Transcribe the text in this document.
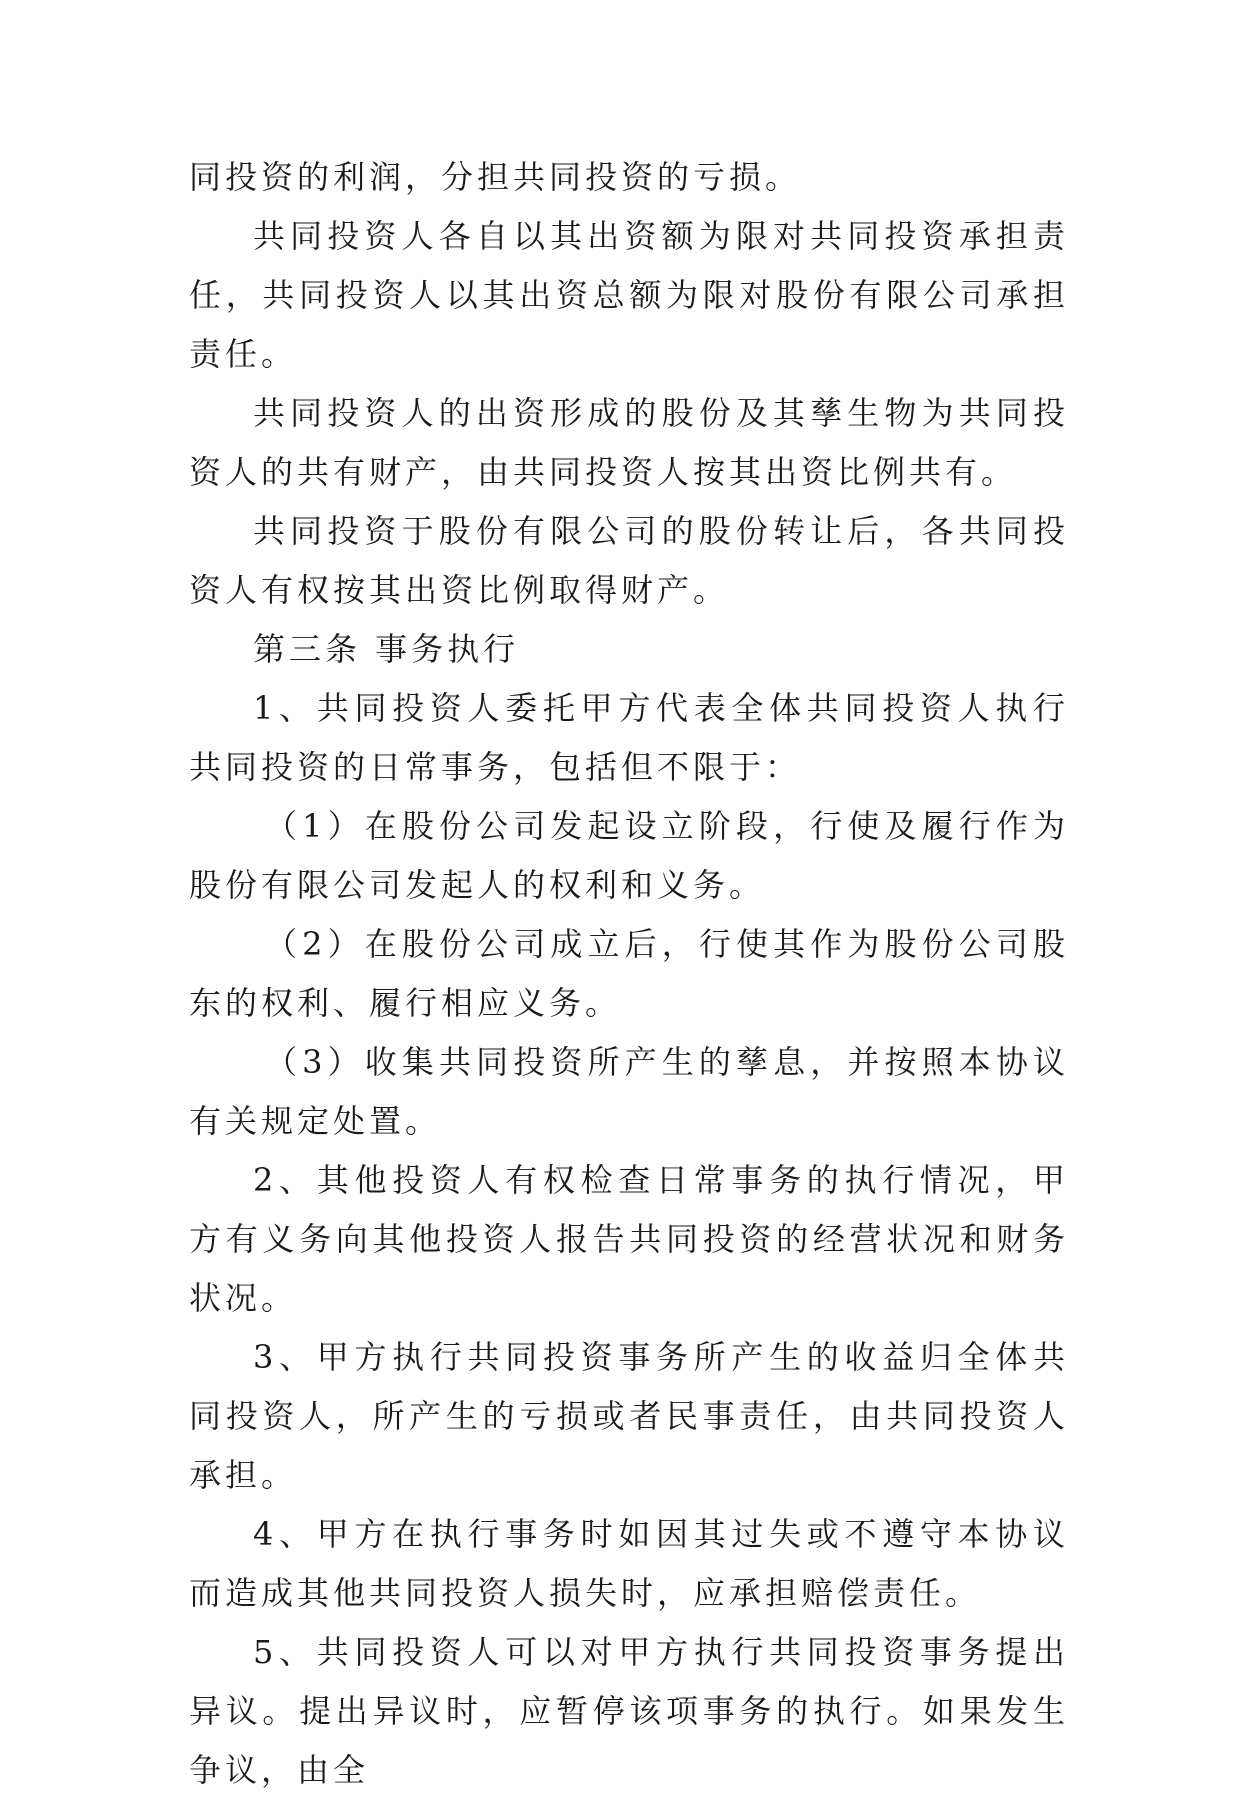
同投资的利润，分担共同投资的亏损。

共同投资人各自以其出资额为限对共同投资承担责任，共同投资人以其出资总额为限对股份有限公司承担责任。

共同投资人的出资形成的股份及其孳生物为共同投资人的共有财产，由共同投资人按其出资比例共有。

共同投资于股份有限公司的股份转让后，各共同投资人有权按其出资比例取得财产。

第三条 事务执行

1、共同投资人委托甲方代表全体共同投资人执行共同投资的日常事务，包括但不限于：

（1）在股份公司发起设立阶段，行使及履行作为股份有限公司发起人的权利和义务。

（2）在股份公司成立后，行使其作为股份公司股东的权利、履行相应义务。

（3）收集共同投资所产生的孳息，并按照本协议有关规定处置。

2、其他投资人有权检查日常事务的执行情况，甲方有义务向其他投资人报告共同投资的经营状况和财务状况。

3、甲方执行共同投资事务所产生的收益归全体共同投资人，所产生的亏损或者民事责任，由共同投资人承担。

4、甲方在执行事务时如因其过失或不遵守本协议而造成其他共同投资人损失时，应承担赔偿责任。

5、共同投资人可以对甲方执行共同投资事务提出异议。提出异议时，应暂停该项事务的执行。如果发生争议，由全
